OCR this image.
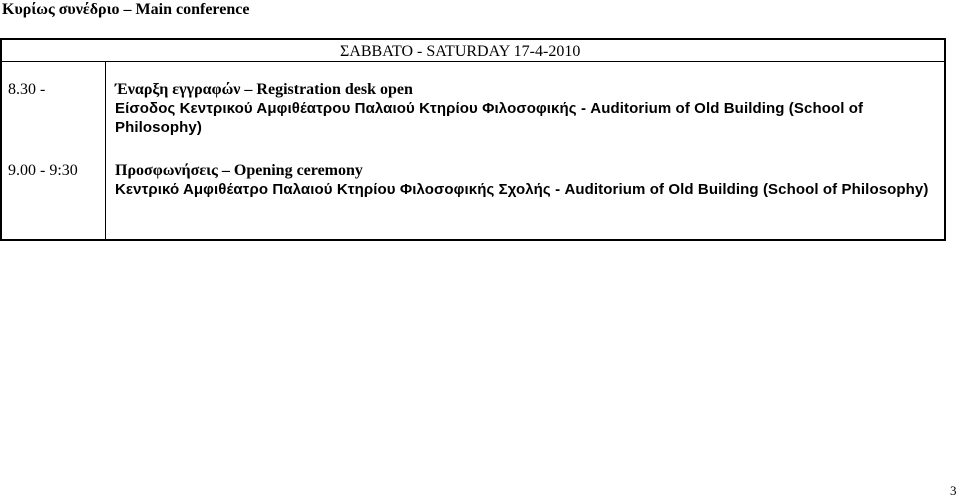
Κυρίως συνέδριο – Main conference
ΣΑΒΒΑΤΟ - SATURDAY 17-4-2010
8.30 -	Έναρξη εγγραφών – Registration desk open
Είσοδος Κεντρικού Αμφιθέατρου Παλαιού Κτηρίου Φιλοσοφικής - Auditorium of Old Building (School of Philosophy)
9.00 - 9:30 Προσφωνήσεις – Opening ceremony
Κεντρικό Αμφιθέατρο Παλαιού Κτηρίου Φιλοσοφικής Σχολής - Auditorium of Old Building (School of Philosophy)
3
